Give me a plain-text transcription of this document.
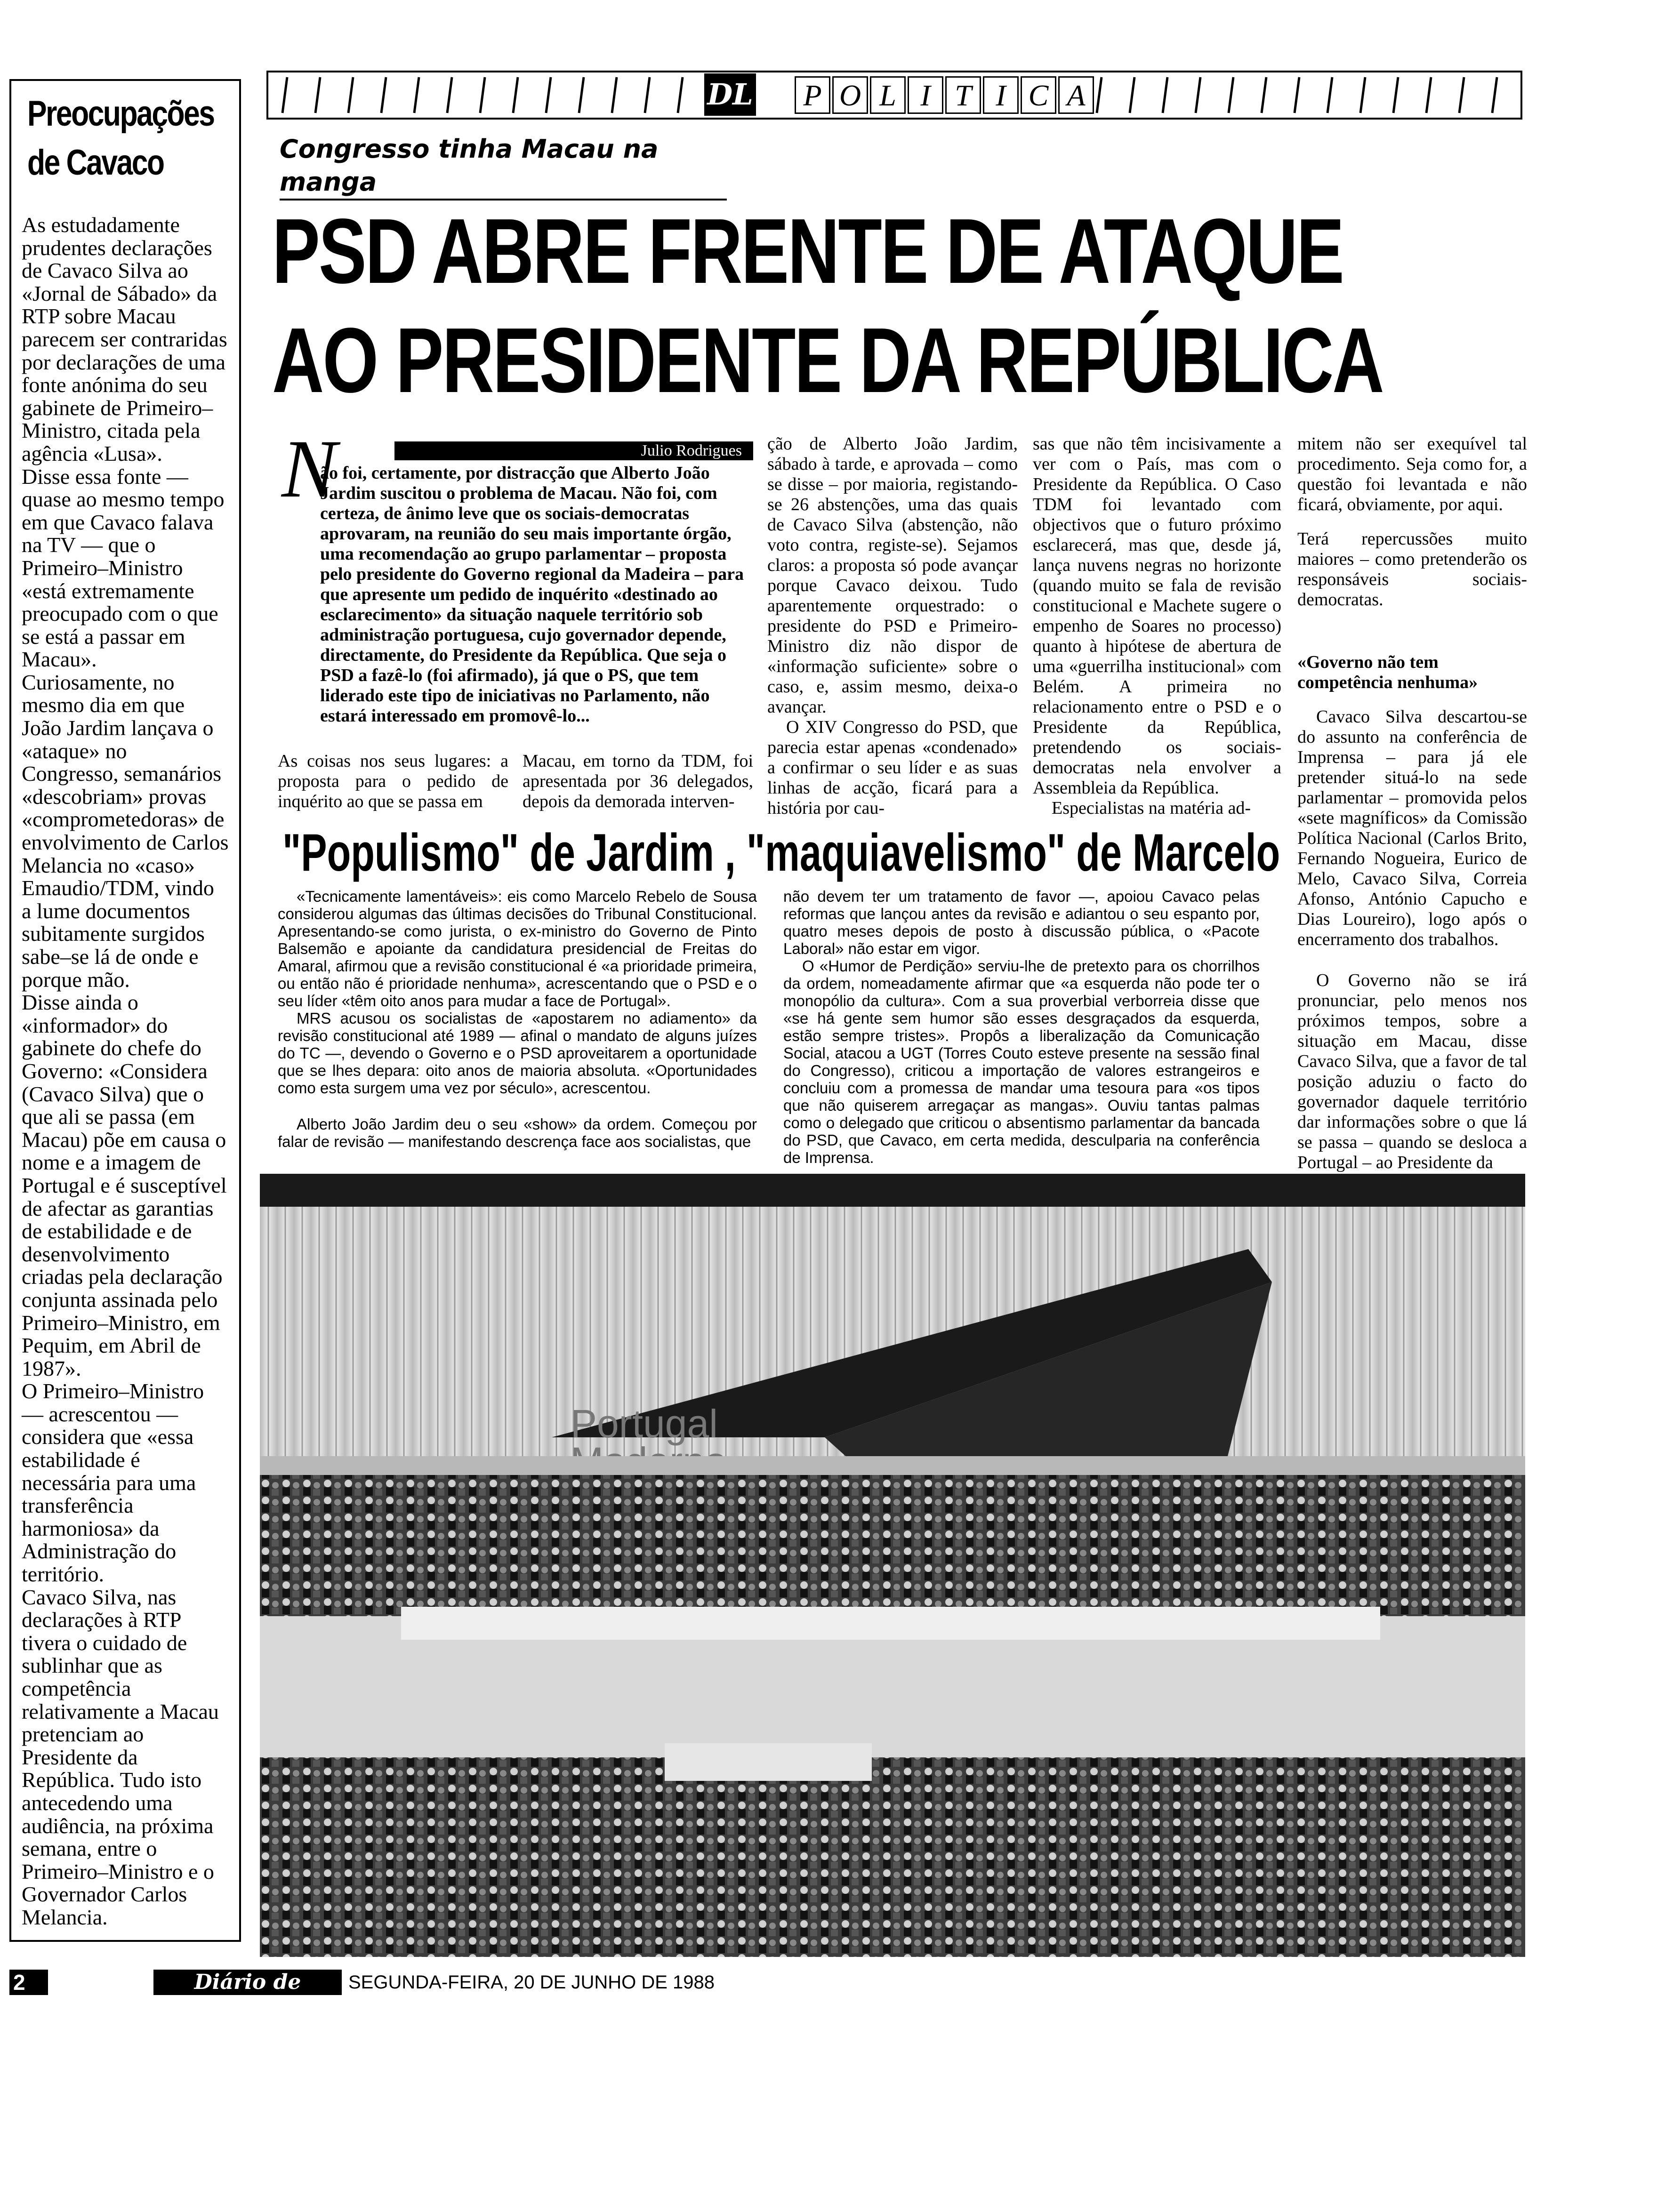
Preocupações
de Cavaco

As estudadamente prudentes declarações de Cavaco Silva ao «Jornal de Sábado» da RTP sobre Macau parecem ser contraridas por declarações de uma fonte anónima do seu gabinete de Primeiro–Ministro, citada pela agência «Lusa».

Disse essa fonte — quase ao mesmo tempo em que Cavaco falava na TV — que o Primeiro–Ministro «está extremamente preocupado com o que se está a passar em Macau».

Curiosamente, no mesmo dia em que João Jardim lançava o «ataque» no Congresso, semanários «descobriam» provas «comprometedoras» de envolvimento de Carlos Melancia no «caso» Emaudio/TDM, vindo a lume documentos subitamente surgidos sabe–se lá de onde e porque mão.

Disse ainda o «informador» do gabinete do chefe do Governo: «Considera (Cavaco Silva) que o que ali se passa (em Macau) põe em causa o nome e a imagem de Portugal e é susceptível de afectar as garantias de estabilidade e de desenvolvimento criadas pela declaração conjunta assinada pelo Primeiro–Ministro, em Pequim, em Abril de 1987».

O Primeiro–Ministro — acrescentou — considera que «essa estabilidade é necessária para uma transferência harmoniosa» da Administração do território.

Cavaco Silva, nas declarações à RTP tivera o cuidado de sublinhar que as competência relativamente a Macau pretenciam ao Presidente da República. Tudo isto antecedendo uma audiência, na próxima semana, entre o Primeiro–Ministro e o Governador Carlos Melancia.

DL P O L I T I C A
Congresso tinha Macau na manga
PSD ABRE FRENTE DE ATAQUE
AO PRESIDENTE DA REPÚBLICA
Julio Rodrigues
N
ão foi, certamente, por distracção que Alberto João Jardim suscitou o problema de Macau. Não foi, com certeza, de ânimo leve que os sociais-democratas aprovaram, na reunião do seu mais importante órgão, uma recomendação ao grupo parlamentar – proposta pelo presidente do Governo regional da Madeira – para que apresente um pedido de inquérito «destinado ao esclarecimento» da situação naquele território sob administração portuguesa, cujo governador depende, directamente, do Presidente da República. Que seja o PSD a fazê-lo (foi afirmado), já que o PS, que tem liderado este tipo de iniciativas no Parlamento, não estará interessado em promovê-lo...
As coisas nos seus lugares: a proposta para o pedido de inquérito ao que se passa em
Macau, em torno da TDM, foi apresentada por 36 delegados, depois da demorada interven-

ção de Alberto João Jardim, sábado à tarde, e aprovada – como se disse – por maioria, registando-se 26 abstenções, uma das quais de Cavaco Silva (abstenção, não voto contra, registe-se). Sejamos claros: a proposta só pode avançar porque Cavaco deixou. Tudo aparentemente orquestrado: o presidente do PSD e Primeiro-Ministro diz não dispor de «informação suficiente» sobre o caso, e, assim mesmo, deixa-o avançar.

O XIV Congresso do PSD, que parecia estar apenas «condenado» a confirmar o seu líder e as suas linhas de acção, ficará para a história por cau-

sas que não têm incisivamente a ver com o País, mas com o Presidente da República. O Caso TDM foi levantado com objectivos que o futuro próximo esclarecerá, mas que, desde já, lança nuvens negras no horizonte (quando muito se fala de revisão constitucional e Machete sugere o empenho de Soares no processo) quanto à hipótese de abertura de uma «guerrilha institucional» com Belém. A primeira no relacionamento entre o PSD e o Presidente da República, pretendendo os sociais-democratas nela envolver a Assembleia da República.

Especialistas na matéria ad-

mitem não ser exequível tal procedimento. Seja como for, a questão foi levantada e não ficará, obviamente, por aqui.

Terá repercussões muito maiores – como pretenderão os responsáveis sociais-democratas.

«Governo não tem competência nenhuma»

Cavaco Silva descartou-se do assunto na conferência de Imprensa – para já ele pretender situá-lo na sede parlamentar – promovida pelos «sete magníficos» da Comissão Política Nacional (Carlos Brito, Fernando Nogueira, Eurico de Melo, Cavaco Silva, Correia Afonso, António Capucho e Dias Loureiro), logo após o encerramento dos trabalhos.

O Governo não se irá pronunciar, pelo menos nos próximos tempos, sobre a situação em Macau, disse Cavaco Silva, que a favor de tal posição aduziu o facto do governador daquele território dar informações sobre o que lá se passa – quando se desloca a Portugal – ao Presidente da

"Populismo" de Jardim , "maquiavelismo" de Marcelo

«Tecnicamente lamentáveis»: eis como Marcelo Rebelo de Sousa considerou algumas das últimas decisões do Tribunal Constitucional. Apresentando-se como jurista, o ex-ministro do Governo de Pinto Balsemão e apoiante da candidatura presidencial de Freitas do Amaral, afirmou que a revisão constitucional é «a prioridade primeira, ou então não é prioridade nenhuma», acrescentando que o PSD e o seu líder «têm oito anos para mudar a face de Portugal».

MRS acusou os socialistas de «apostarem no adiamento» da revisão constitucional até 1989 — afinal o mandato de alguns juízes do TC —, devendo o Governo e o PSD aproveitarem a oportunidade que se lhes depara: oito anos de maioria absoluta. «Oportunidades como esta surgem uma vez por século», acrescentou.

Alberto João Jardim deu o seu «show» da ordem. Começou por falar de revisão — manifestando descrença face aos socialistas, que

não devem ter um tratamento de favor —, apoiou Cavaco pelas reformas que lançou antes da revisão e adiantou o seu espanto por, quatro meses depois de posto à discussão pública, o «Pacote Laboral» não estar em vigor.

O «Humor de Perdição» serviu-lhe de pretexto para os chorrilhos da ordem, nomeadamente afirmar que «a esquerda não pode ter o monopólio da cultura». Com a sua proverbial verborreia disse que «se há gente sem humor são esses desgraçados da esquerda, estão sempre tristes». Propôs a liberalização da Comunicação Social, atacou a UGT (Torres Couto esteve presente na sessão final do Congresso), criticou a importação de valores estrangeiros e concluiu com a promessa de mandar uma tesoura para «os tipos que não quiserem arregaçar as mangas». Ouviu tantas palmas como o delegado que criticou o absentismo parlamentar da bancada do PSD, que Cavaco, em certa medida, desculparia na conferência de Imprensa.

Portugal
2	Diário de Lisboa
SEGUNDA-FEIRA, 20 DE JUNHO DE 1988
